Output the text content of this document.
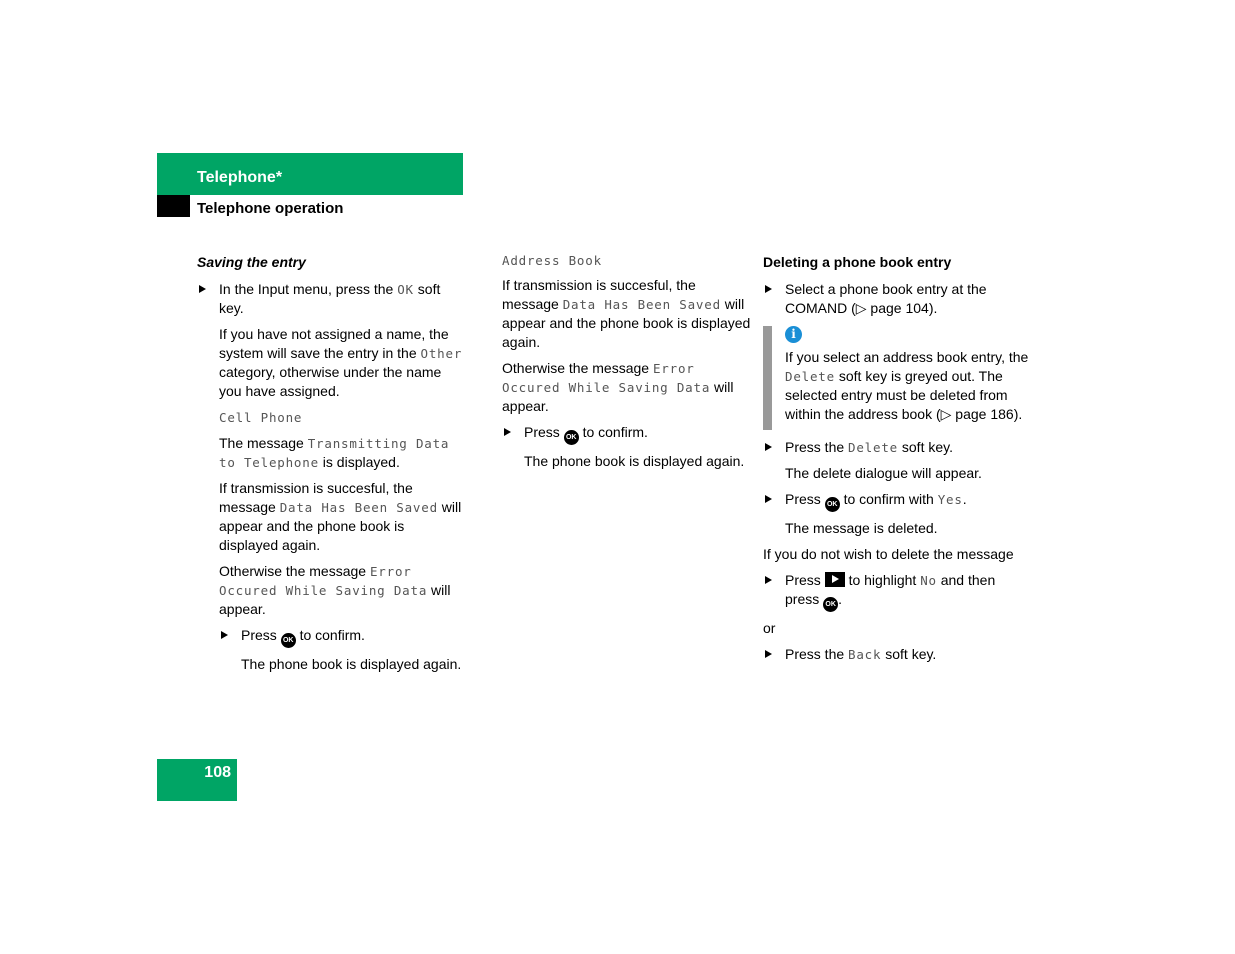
Telephone*
Telephone operation
Saving the entry
In the Input menu, press the OK soft key.

If you have not assigned a name, the system will save the entry in the Other category, otherwise under the name you have assigned.

Cell Phone

The message Transmitting Data to Telephone is displayed.

If transmission is succesful, the message Data Has Been Saved will appear and the phone book is displayed again.

Otherwise the message Error Occured While Saving Data will appear.

Press OK to confirm.

The phone book is displayed again.

Address Book

If transmission is succesful, the message Data Has Been Saved will appear and the phone book is displayed again.

Otherwise the message Error Occured While Saving Data will appear.

Press OK to confirm.

The phone book is displayed again.

Deleting a phone book entry
Select a phone book entry at the COMAND (▷ page 104).
i
If you select an address book entry, the Delete soft key is greyed out. The selected entry must be deleted from within the address book (▷ page 186).
Press the Delete soft key.

The delete dialogue will appear.

Press OK to confirm with Yes.

The message is deleted.

If you do not wish to delete the message

Press  to highlight No and then press OK .

or

Press the Back soft key.
108
